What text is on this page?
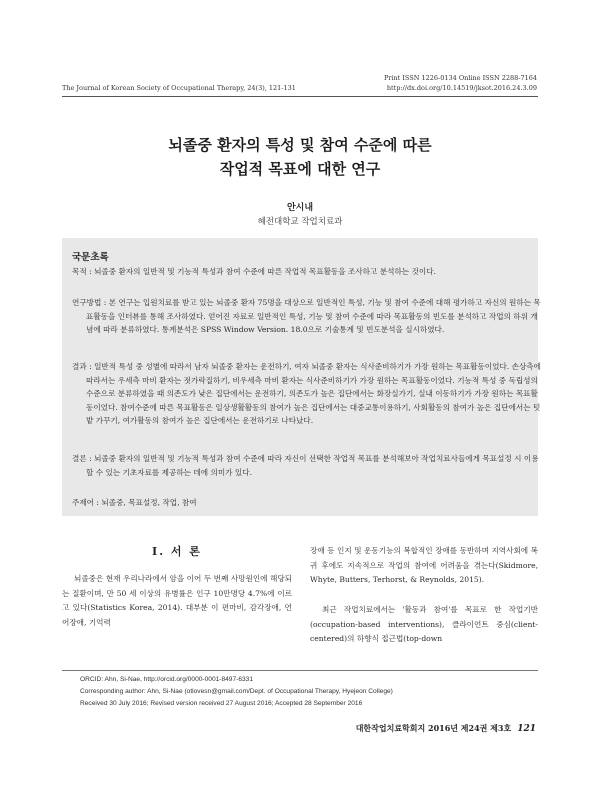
The Journal of Korean Society of Occupational Therapy, 24(3), 121-131
Print ISSN 1226-0134 Online ISSN 2288-7164
http://dx.doi.org/10.14519/jksot.2016.24.3.09
뇌졸중 환자의 특성 및 참여 수준에 따른
작업적 목표에 대한 연구
안시내
혜전대학교 작업치료과
국문초록
목적 : 뇌졸중 환자의 일반적 및 기능적 특성과 참여 수준에 따른 작업적 목표활동을 조사하고 분석하는 것이다.
연구방법 : 본 연구는 입원치료를 받고 있는 뇌졸중 환자 75명을 대상으로 일반적인 특성, 기능 및 참여 수준에 대해 평가하고 자신의 원하는 목표활동을 인터뷰를 통해 조사하였다. 얻어진 자료로 일반적인 특성, 기능 및 참여 수준에 따라 목표활동의 빈도를 분석하고 작업의 하위 개념에 따라 분류하였다. 통계분석은 SPSS Window Version. 18.0으로 기술통계 및 빈도분석을 실시하였다.
결과 : 일반적 특성 중 성별에 따라서 남자 뇌졸중 환자는 운전하기, 여자 뇌졸중 환자는 식사준비하기가 가장 원하는 목표활동이었다. 손상측에 따라서는 우세측 마비 환자는 젓가락질하기, 비우세측 마비 환자는 식사준비하기가 가장 원하는 목표활동이었다. 기능적 특성 중 독립성의 수준으로 분류하였을 때 의존도가 낮은 집단에서는 운전하기, 의존도가 높은 집단에서는 화장실가기, 실내 이동하기가 가장 원하는 목표활동이었다. 참여수준에 따른 목표활동은 일상생활활동의 참여가 높은 집단에서는 대중교통이용하기, 사회활동의 참여가 높은 집단에서는 텃밭 가꾸기, 여가활동의 참여가 높은 집단에서는 운전하기로 나타났다.
결론 : 뇌졸중 환자의 일반적 및 기능적 특성과 참여 수준에 따라 자신이 선택한 작업적 목표를 분석해보아 작업치료사들에게 목표설정 시 이용할 수 있는 기초자료를 제공하는 데에 의미가 있다.
주제어 : 뇌졸중, 목표설정, 작업, 참여
Ⅰ. 서 론
뇌졸중은 현재 우리나라에서 암을 이어 두 번째 사망원인에 해당되는 질환이며, 만 50 세 이상의 유병률은 인구 10만명당 4.7%에 이르고 있다(Statistics Korea, 2014). 대부분 이 편마비, 감각장애, 언어장애, 기억력
장애 등 인지 및 운동기능의 복합적인 장애를 동반하며 지역사회에 복귀 후에도 지속적으로 작업의 참여에 어려움을 겪는다(Skidmore, Whyte, Butters, Terhorst, & Reynolds, 2015).
최근 작업치료에서는 '활동과 참여'를 목표로 한 작업기반(occupation-based interventions), 클라이언트 중심(client-centered)의 하향식 접근법(top-down
ORCID: Ahn, Si-Nae, http://orcid.org/0000-0001-8497-6331
Corresponding author: Ahn, Si-Nae (otlovesn@gmail.com/Dept. of Occupational Therapy, Hyejeon College)
Received 30 July 2016; Revised version received 27 August 2016; Accepted 28 September 2016
대한작업치료학회지 2016년 제24권 제3호 121
